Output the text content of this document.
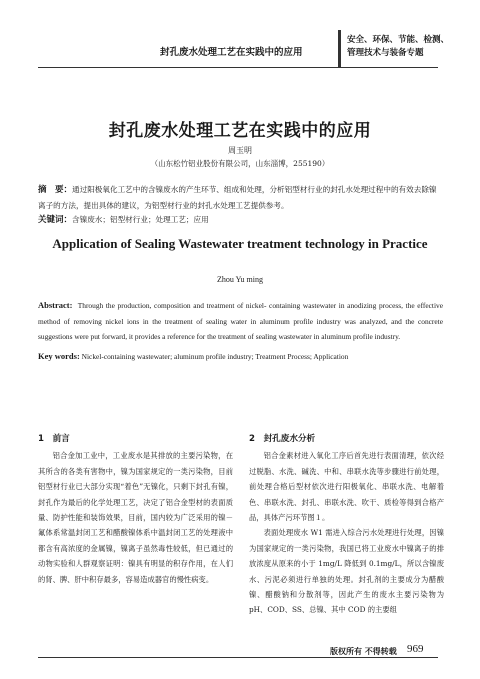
封孔废水处理工艺在实践中的应用
安全、环保、节能、检测、
管理技术与装备专题
封孔废水处理工艺在实践中的应用
周玉明
（山东松竹铝业股份有限公司，山东淄博，255190）
摘　要：通过阳极氧化工艺中的含镍废水的产生环节、组成和处理，分析铝型材行业的封孔水处理过程中的有效去除镍离子的方法，提出具体的建议，为铝型材行业的封孔水处理工艺提供参考。
关键词：含镍废水；铝型材行业；处理工艺；应用
Application of Sealing Wastewater treatment technology in Practice
Zhou Yu ming
Abstract: Through the production, composition and treatment of nickel- containing wastewater in anodizing process, the effective method of removing nickel ions in the treatment of sealing water in aluminum profile industry was analyzed, and the concrete suggestions were put forward, it provides a reference for the treatment of sealing wastewater in aluminum profile industry.
Key words: Nickel-containing wastewater; aluminum profile industry; Treatment Process; Application
1　前言

铝合金加工业中，工业废水是其排放的主要污染物，在其所含的各类有害物中，镍为国家规定的一类污染物，目前铝型材行业已大部分实现“着色”无镍化，只剩下封孔有镍，封孔作为最后的化学处理工艺，决定了铝合金型材的表面质量、防护性能和装饰效果，目前，国内较为广泛采用的镍－氟体系常温封闭工艺和醋酸镍体系中温封闭工艺的处理液中都含有高浓度的金属镍，镍离子虽然毒性较低，但已通过的动物实验和人群观察证明：镍具有明显的积存作用，在人们的肾、脾、肝中积存最多，容易造成器官的慢性病变。

2　封孔废水分析

铝合金素材进入氧化工序后首先进行表面清理，依次经过脱脂、水洗、碱洗、中和、串联水洗等步骤进行前处理，前处理合格后型材依次进行阳极氧化、串联水洗、电解着色、串联水洗、封孔、串联水洗、吹干、质检等得到合格产品，具体产污环节图１。

表面处理废水 W1 需进入综合污水处理进行处理，因镍为国家规定的一类污染物，我国已将工业废水中镍离子的排放浓度从原来的小于 1mg/L 降低到 0.1mg/L，所以含镍废水、污泥必须进行单独的处理。封孔剂的主要成分为醋酸镍、醋酸钠和分散剂等，因此产生的废水主要污染物为 pH、COD、SS、总镍、其中 COD 的主要组

版权所有 不得转载 969
